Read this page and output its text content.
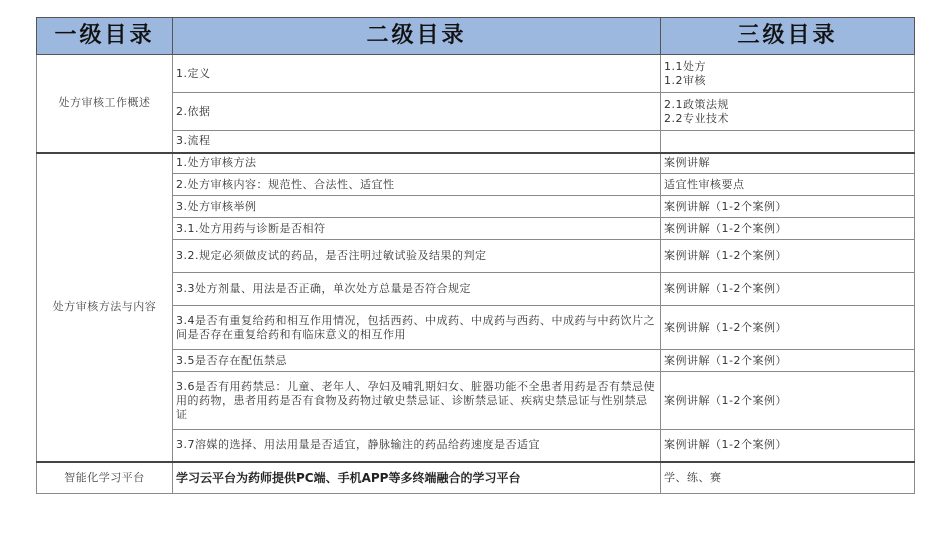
一级目录	二级目录	三级目录
处方审核工作概述	1.定义	1.1处方
1.2审核

	2.依据	2.1政策法规
2.2专业技术

	3.流程	
处方审核方法与内容	1.处方审核方法	案例讲解
	2.处方审核内容：规范性、合法性、适宜性	适宜性审核要点
	3.处方审核举例	案例讲解（1-2个案例）
	3.1.处方用药与诊断是否相符	案例讲解（1-2个案例）
	3.2.规定必须做皮试的药品，是否注明过敏试验及结果的判定	案例讲解（1-2个案例）
	3.3处方剂量、用法是否正确，单次处方总量是否符合规定	案例讲解（1-2个案例）
	3.4是否有重复给药和相互作用情况，包括西药、中成药、中成药与西药、中成药与中药饮片之间是否存在重复给药和有临床意义的相互作用	案例讲解（1-2个案例）
	3.5是否存在配伍禁忌	案例讲解（1-2个案例）
	3.6是否有用药禁忌：儿童、老年人、孕妇及哺乳期妇女、脏器功能不全患者用药是否有禁忌使用的药物，患者用药是否有食物及药物过敏史禁忌证、诊断禁忌证、疾病史禁忌证与性别禁忌证	案例讲解（1-2个案例）
	3.7溶媒的选择、用法用量是否适宜，静脉输注的药品给药速度是否适宜	案例讲解（1-2个案例）
智能化学习平台	学习云平台为药师提供PC端、手机APP等多终端融合的学习平台	学、练、赛
